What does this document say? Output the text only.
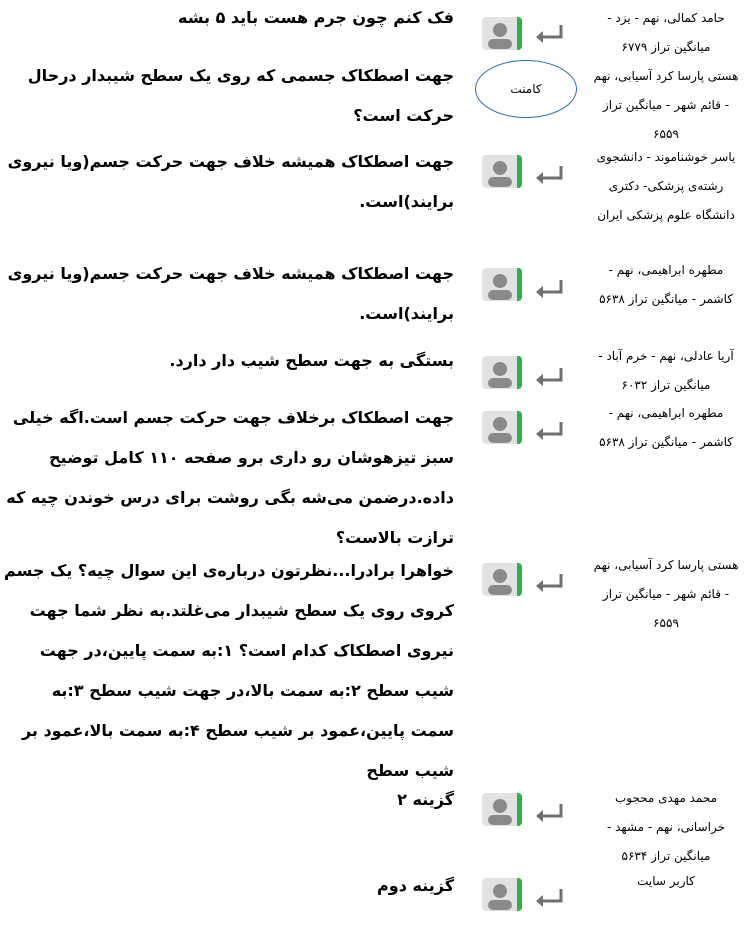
حامد کمالی، نهم - یزد - میانگین تراز ۶۷۷۹
فک کنم چون جرم هست باید ۵ بشه
هستی پارسا کرد آسیابی، نهم - قائم شهر - میانگین تراز ۶۵۵۹
کامنت
جهت اصطکاک جسمی که روی یک سطح شیبدار درحال حرکت است؟
یاسر خوشناموند - دانشجوی رشته‌ی پزشکی- دکتری دانشگاه علوم پزشکی ایران
جهت اصطکاک همیشه خلاف جهت حرکت جسم(ویا نیروی برایند)است.
مطهره ابراهیمی، نهم - کاشمر - میانگین تراز ۵۶۳۸
جهت اصطکاک همیشه خلاف جهت حرکت جسم(ویا نیروی برایند)است.
آریا عادلی، نهم - خرم آباد - میانگین تراز ۶۰۳۲
بستگی به جهت سطح شیب دار دارد.
مطهره ابراهیمی، نهم - کاشمر - میانگین تراز ۵۶۳۸
جهت اصطکاک برخلاف جهت حرکت جسم است.اگه خیلی سبز تیزهوشان رو داری برو صفحه ۱۱۰ کامل توضیح داده.درضمن می‌شه بگی روشت برای درس خوندن چیه که ترازت بالاست؟
هستی پارسا کرد آسیابی، نهم - قائم شهر - میانگین تراز ۶۵۵۹
خواهرا برادرا...نظرتون درباره‌ی این سوال چیه؟ یک جسم کروی روی یک سطح شیبدار می‌غلتد.به نظر شما جهت نیروی اصطکاک کدام است؟ ۱:به سمت پایین،در جهت شیب سطح ۲:به سمت بالا،در جهت شیب سطح ۳:به سمت پایین،عمود بر شیب سطح ۴:به سمت بالا،عمود بر شیب سطح
محمد مهدی محجوب خراسانی، نهم - مشهد - میانگین تراز ۵۶۳۴
گزینه ۲
کاربر سایت
گزینه دوم
